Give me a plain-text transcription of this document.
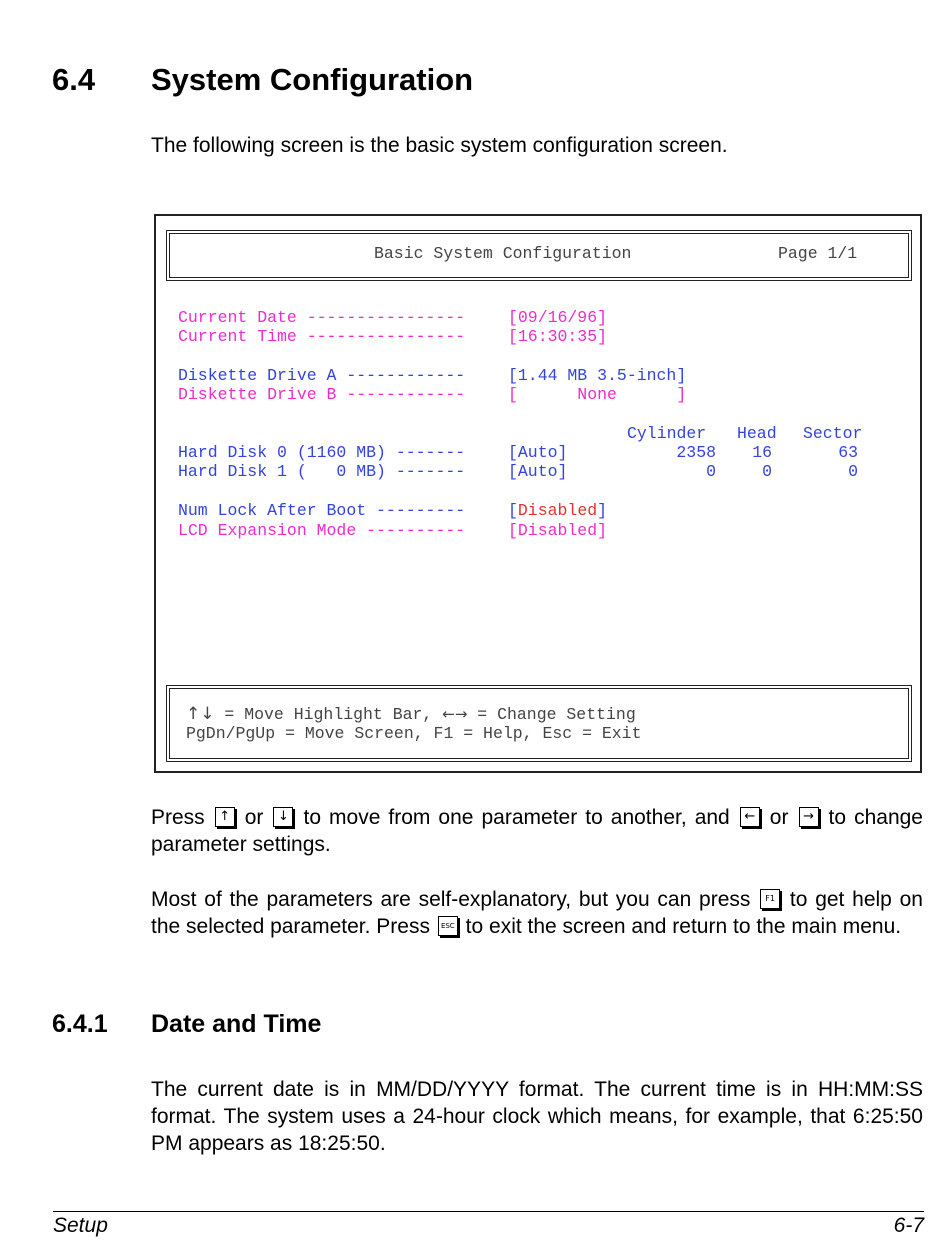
6.4 System Configuration
The following screen is the basic system configuration screen.
Basic System Configuration	Page 1/1
Current Date ----------------	[09/16/96]
Current Time ----------------	[16:30:35]
Diskette Drive A ------------	[1.44 MB 3.5-inch]
Diskette Drive B ------------	[      None      ]
Cylinder Head Sector
Hard Disk 0 (1160 MB) -------	[Auto]	2358 16	63
Hard Disk 1 (   0 MB) -------	[Auto]	0	0	0
Num Lock After Boot ---------	[Disabled]
LCD Expansion Mode ----------	[Disabled]
↑↓ = Move Highlight Bar, ←→ = Change Setting
PgDn/PgUp = Move Screen, F1 = Help, Esc = Exit
Press ↑ or ↓ to move from one parameter to another, and ← or → to change parameter settings.
Most of the parameters are self-explanatory, but you can press	F1 to get help on the selected parameter. Press	ESC to exit the screen and return to the main menu.
6.4.1 Date and Time
The current date is in MM/DD/YYYY format. The current time is in HH:MM:SS format. The system uses a 24-hour clock which means, for example, that 6:25:50 PM appears as 18:25:50.
Setup	6-7
